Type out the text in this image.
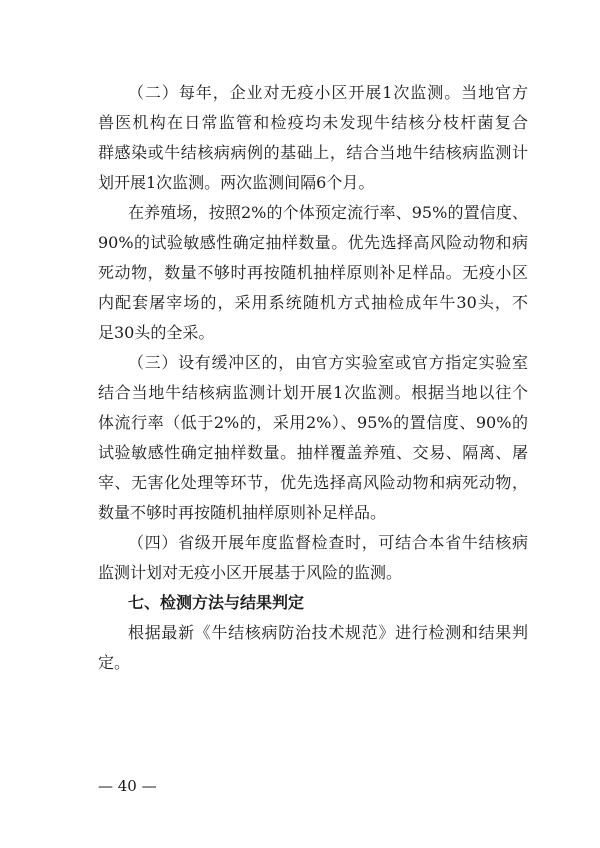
（二）每年，企业对无疫小区开展1次监测。当地官方
兽医机构在日常监管和检疫均未发现牛结核分枝杆菌复合
群感染或牛结核病病例的基础上，结合当地牛结核病监测计
划开展1次监测。两次监测间隔6个月。
在养殖场，按照2%的个体预定流行率、95%的置信度、
90%的试验敏感性确定抽样数量。优先选择高风险动物和病
死动物，数量不够时再按随机抽样原则补足样品。无疫小区
内配套屠宰场的，采用系统随机方式抽检成年牛30头，不
足30头的全采。
（三）设有缓冲区的，由官方实验室或官方指定实验室
结合当地牛结核病监测计划开展1次监测。根据当地以往个
体流行率（低于2%的，采用2%）、95%的置信度、90%的
试验敏感性确定抽样数量。抽样覆盖养殖、交易、隔离、屠
宰、无害化处理等环节，优先选择高风险动物和病死动物，
数量不够时再按随机抽样原则补足样品。
（四）省级开展年度监督检查时，可结合本省牛结核病
监测计划对无疫小区开展基于风险的监测。
七、检测方法与结果判定
根据最新《牛结核病防治技术规范》进行检测和结果判
定。
— 40 —
